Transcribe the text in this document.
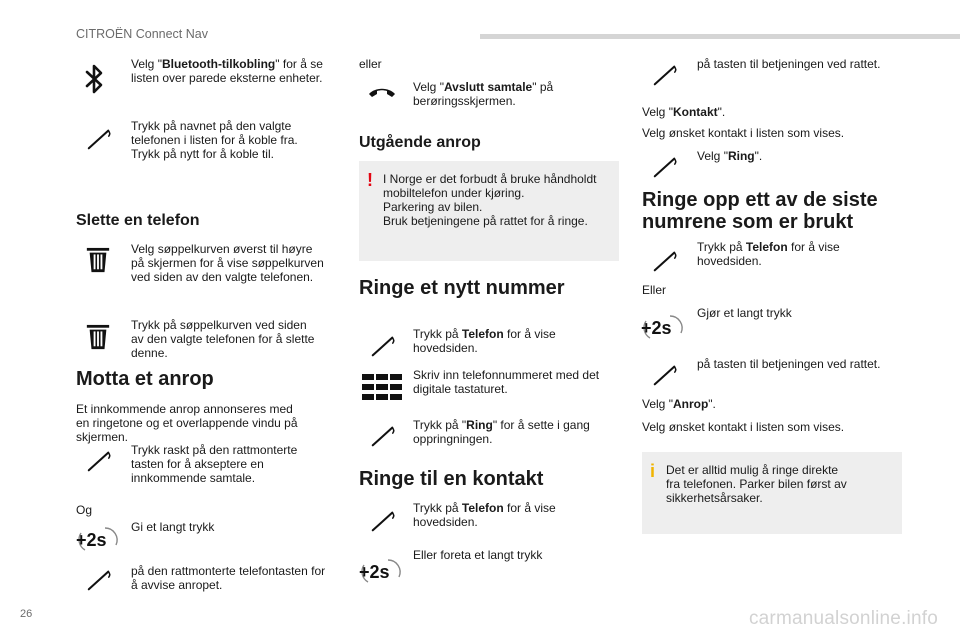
CITROËN Connect Nav
Velg "Bluetooth-tilkobling" for å se
listen over parede eksterne enheter.
Trykk på navnet på den valgte
telefonen i listen for å koble fra.
Trykk på nytt for å koble til.
Slette en telefon
Velg søppelkurven øverst til høyre
på skjermen for å vise søppelkurven
ved siden av den valgte telefonen.
Trykk på søppelkurven ved siden
av den valgte telefonen for å slette
denne.
Motta et anrop
Et innkommende anrop annonseres med
en ringetone og et overlappende vindu på
skjermen.
Trykk raskt på den rattmonterte
tasten for å akseptere en
innkommende samtale.
Og
Gi et langt trykk
på den rattmonterte telefontasten for
å avvise anropet.
eller
Velg "Avslutt samtale" på
berøringsskjermen.
Utgående anrop
! I Norge er det forbudt å bruke håndholdt
mobiltelefon under kjøring.
Parkering av bilen.
Bruk betjeningene på rattet for å ringe.
Ringe et nytt nummer
Trykk på Telefon for å vise
hovedsiden.
Skriv inn telefonnummeret med det
digitale tastaturet.
Trykk på "Ring" for å sette i gang
oppringningen.
Ringe til en kontakt
Trykk på Telefon for å vise
hovedsiden.
Eller foreta et langt trykk
på tasten til betjeningen ved rattet.
Velg "Kontakt".
Velg ønsket kontakt i listen som vises.
Velg "Ring".
Ringe opp ett av de siste
numrene som er brukt
Trykk på Telefon for å vise
hovedsiden.
Eller
Gjør et langt trykk
på tasten til betjeningen ved rattet.
Velg "Anrop".
Velg ønsket kontakt i listen som vises.
i Det er alltid mulig å ringe direkte
fra telefonen. Parker bilen først av
sikkerhetsårsaker.
26	carmanualsonline.info
